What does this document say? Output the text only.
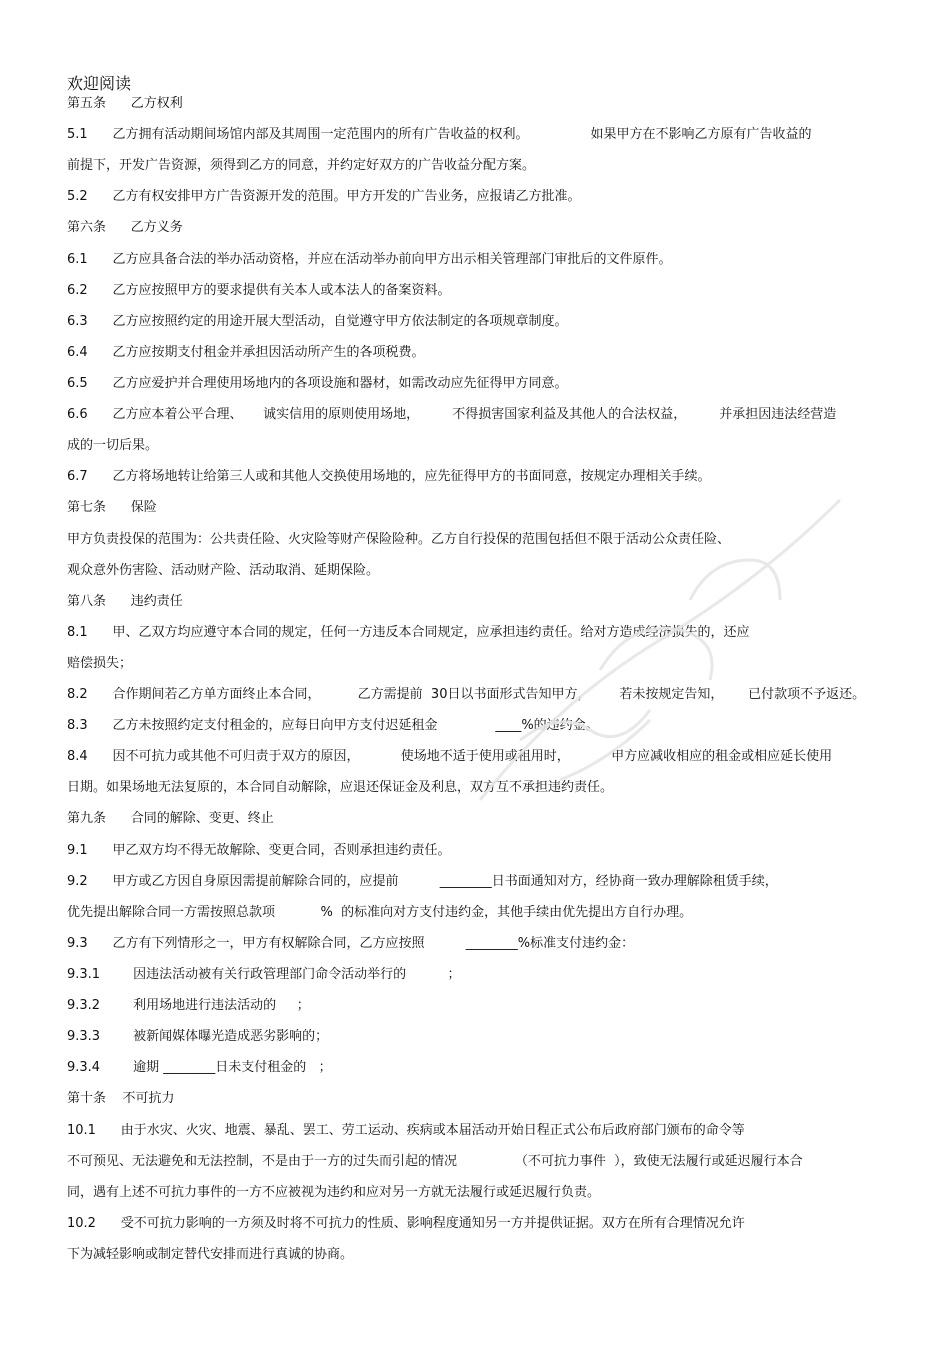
欢迎阅读
第五条      乙方权利
5.1      乙方拥有活动期间场馆内部及其周围一定范围内的所有广告收益的权利。               如果甲方在不影响乙方原有广告收益的
前提下，开发广告资源，须得到乙方的同意，并约定好双方的广告收益分配方案。
5.2      乙方有权安排甲方广告资源开发的范围。甲方开发的广告业务，应报请乙方批准。
第六条      乙方义务
6.1      乙方应具备合法的举办活动资格，并应在活动举办前向甲方出示相关管理部门审批后的文件原件。
6.2      乙方应按照甲方的要求提供有关本人或本法人的备案资料。
6.3      乙方应按照约定的用途开展大型活动，自觉遵守甲方依法制定的各项规章制度。
6.4      乙方应按期支付租金并承担因活动所产生的各项税费。
6.5      乙方应爱护并合理使用场地内的各项设施和器材，如需改动应先征得甲方同意。
6.6      乙方应本着公平合理、     诚实信用的原则使用场地，        不得损害国家利益及其他人的合法权益，        并承担因违法经营造
成的一切后果。
6.7      乙方将场地转让给第三人或和其他人交换使用场地的，应先征得甲方的书面同意，按规定办理相关手续。
第七条      保险
甲方负责投保的范围为：公共责任险、火灾险等财产保险险种。乙方自行投保的范围包括但不限于活动公众责任险、
观众意外伤害险、活动财产险、活动取消、延期保险。
第八条      违约责任
8.1      甲、乙双方均应遵守本合同的规定，任何一方违反本合同规定，应承担违约责任。给对方造成经济损失的，还应
赔偿损失；
8.2      合作期间若乙方单方面终止本合同，         乙方需提前  30日以书面形式告知甲方，       若未按规定告知，      已付款项不予返还。
8.3      乙方未按照约定支付租金的，应每日向甲方支付迟延租金              ____%的违约金。
8.4      因不可抗力或其他不可归责于双方的原因，          使场地不适于使用或租用时，          甲方应减收相应的租金或相应延长使用
日期。如果场地无法复原的，本合同自动解除，应退还保证金及利息，双方互不承担违约责任。
第九条      合同的解除、变更、终止
9.1      甲乙双方均不得无故解除、变更合同，否则承担违约责任。
9.2      甲方或乙方因自身原因需提前解除合同的，应提前          ________日书面通知对方，经协商一致办理解除租赁手续，
优先提出解除合同一方需按照总款项           %  的标准向对方支付违约金，其他手续由优先提出方自行办理。
9.3      乙方有下列情形之一，甲方有权解除合同，乙方应按照          ________%标准支付违约金：
9.3.1        因违法活动被有关行政管理部门命令活动举行的          ；
9.3.2        利用场地进行违法活动的     ；
9.3.3        被新闻媒体曝光造成恶劣影响的；
9.3.4        逾期 ________日未支付租金的   ；
第十条    不可抗力
10.1      由于水灾、火灾、地震、暴乱、罢工、劳工运动、疾病或本届活动开始日程正式公布后政府部门颁布的命令等
不可预见、无法避免和无法控制，不是由于一方的过失而引起的情况              （不可抗力事件  ），致使无法履行或延迟履行本合
同，遇有上述不可抗力事件的一方不应被视为违约和应对另一方就无法履行或延迟履行负责。
10.2      受不可抗力影响的一方须及时将不可抗力的性质、影响程度通知另一方并提供证据。双方在所有合理情况允许
下为减轻影响或制定替代安排而进行真诚的协商。
